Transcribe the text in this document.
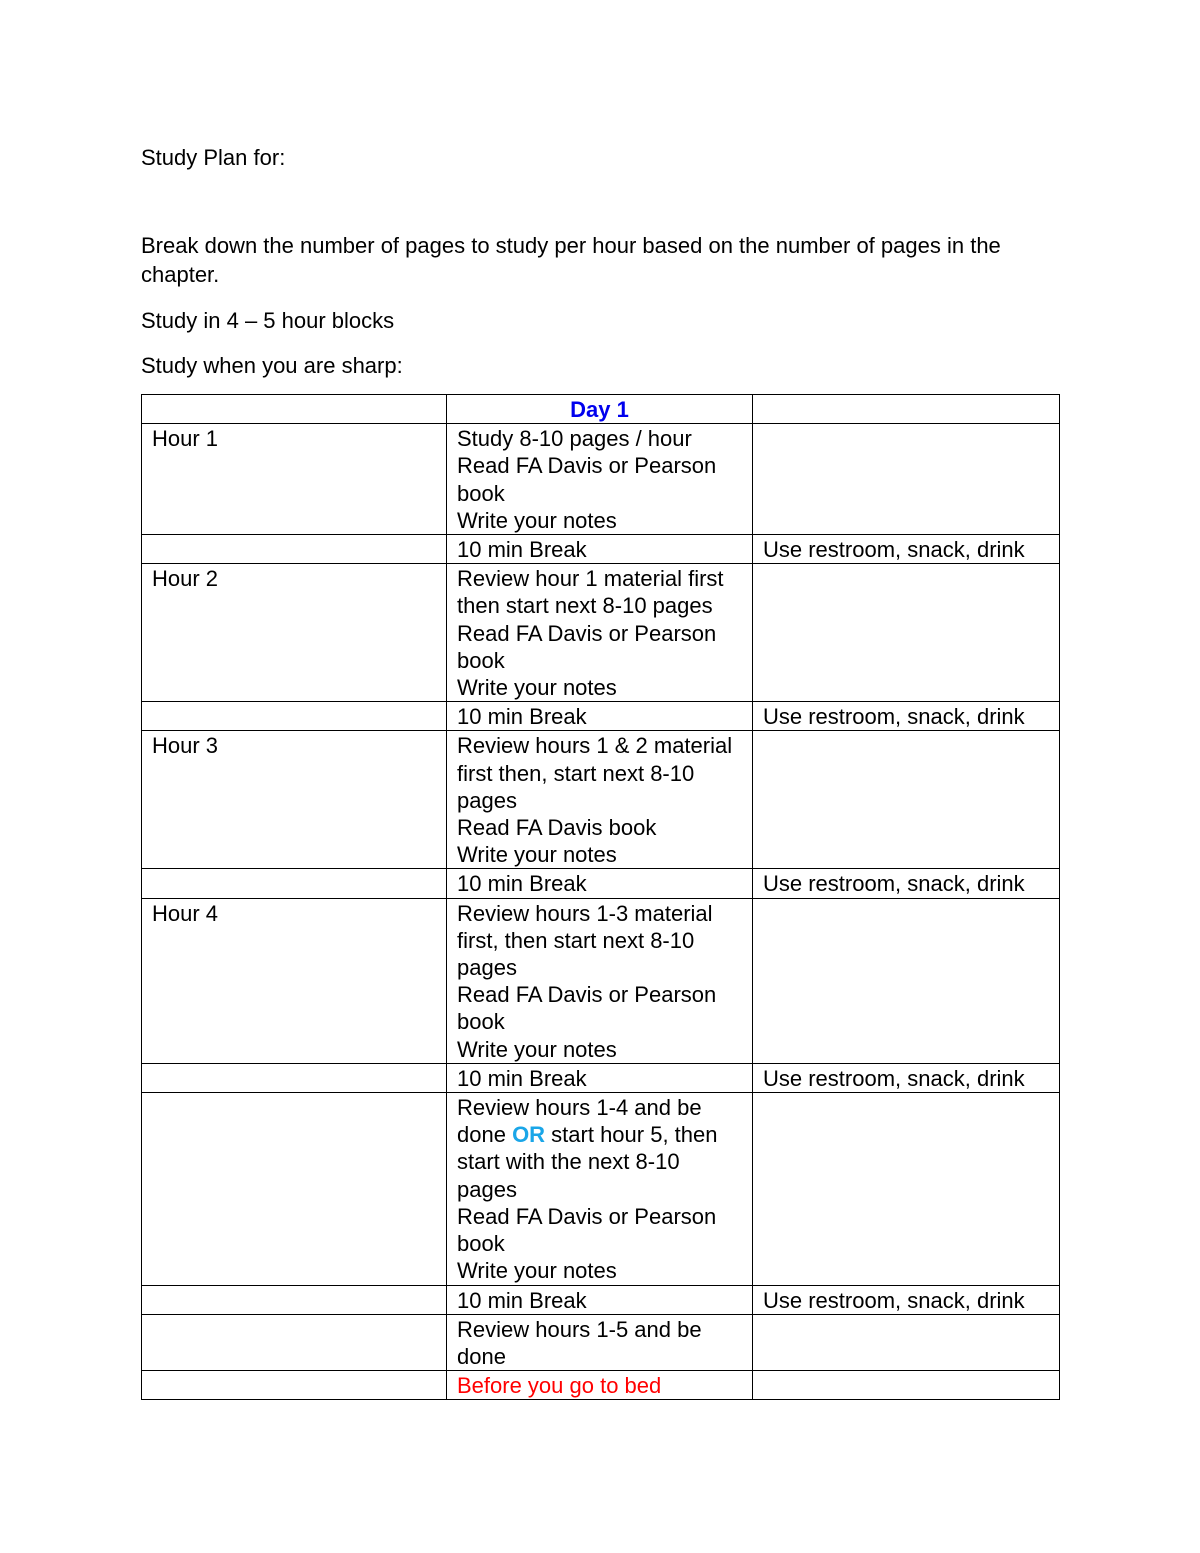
Study Plan for:

Break down the number of pages to study per hour based on the number of pages in the chapter.

Study in 4 – 5 hour blocks

Study when you are sharp:

	Day 1	
Hour 1	Study 8-10 pages / hour
Read FA Davis or Pearson book
Write your notes	

	10 min Break	Use restroom, snack, drink
Hour 2	Review hour 1 material first then start next 8-10 pages
Read FA Davis or Pearson book
Write your notes	

	10 min Break	Use restroom, snack, drink
Hour 3	Review hours 1 & 2 material first then, start next 8-10 pages
Read FA Davis book
Write your notes	

	10 min Break	Use restroom, snack, drink
Hour 4	Review hours 1-3 material first, then start next 8-10 pages
Read FA Davis or Pearson book
Write your notes	

	10 min Break	Use restroom, snack, drink

	Review hours 1-4 and be done OR start hour 5, then start with the next 8-10 pages
Read FA Davis or Pearson book
Write your notes	

	10 min Break	Use restroom, snack, drink
	Review hours 1-5 and be done	
	Before you go to bed	
